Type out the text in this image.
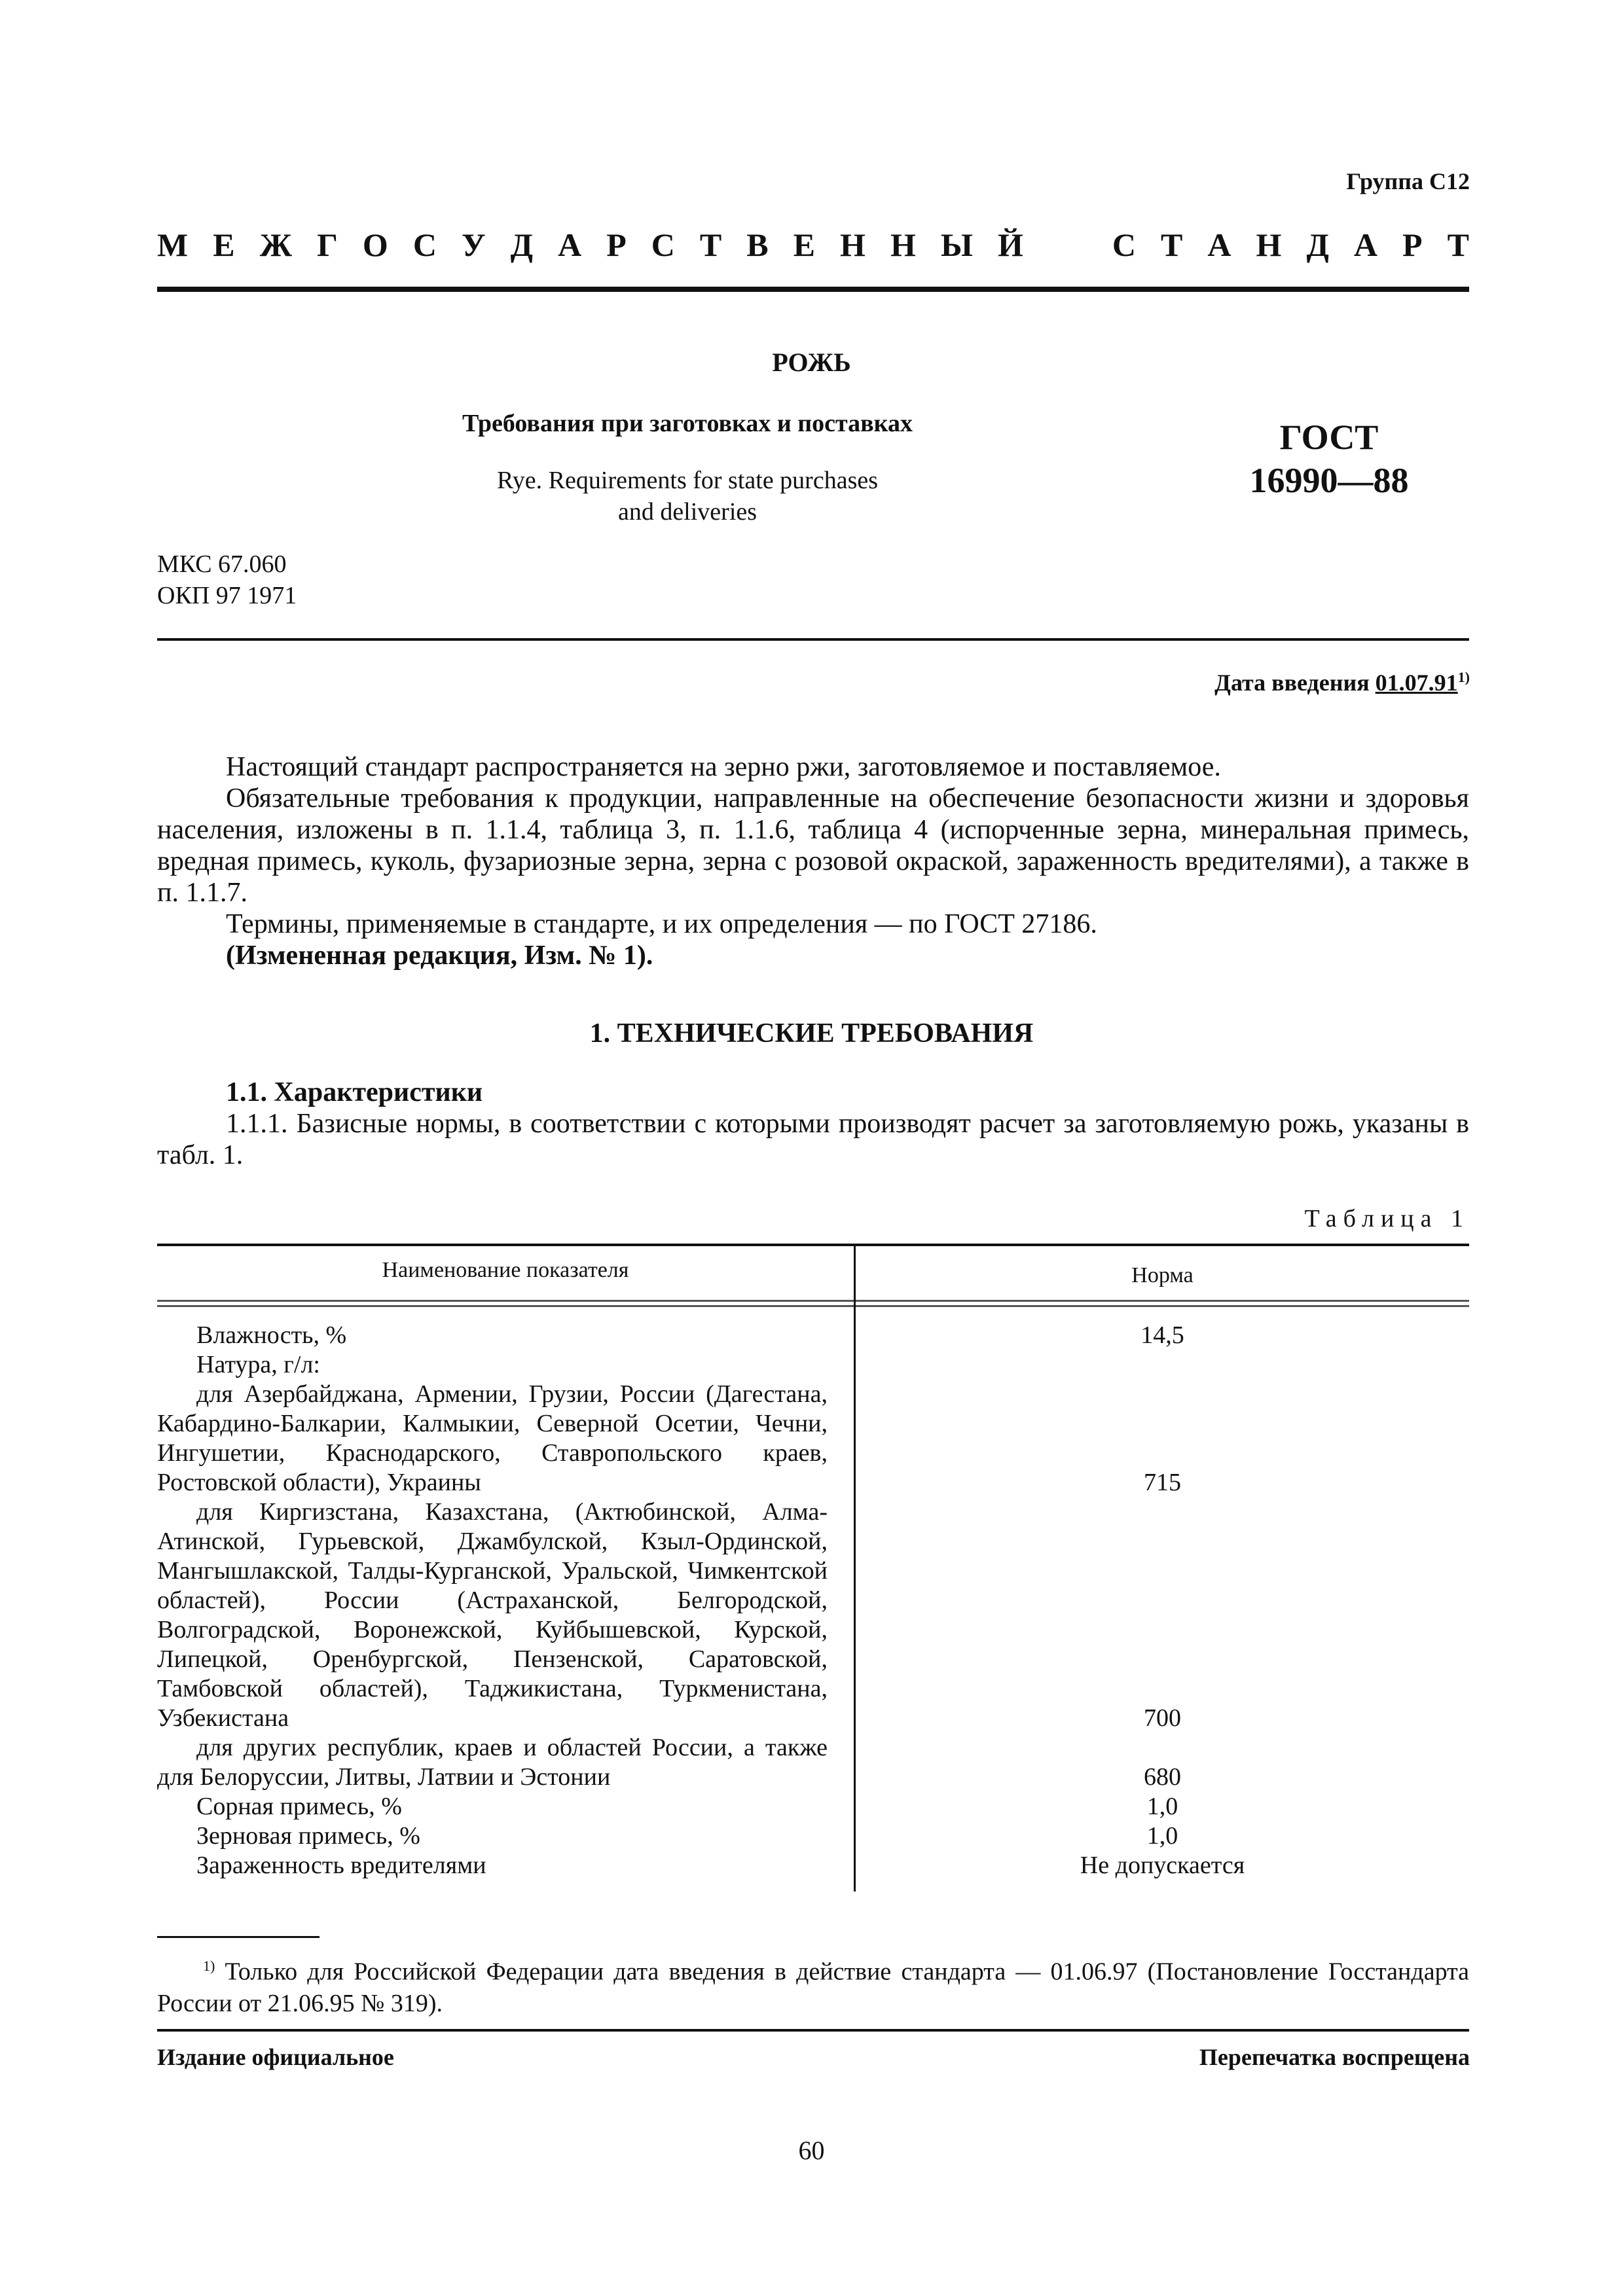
Группа С12
М Е Ж Г О С У Д А Р С Т В Е Н Н Ы Й	С Т А Н Д А Р Т
РОЖЬ
Требования при заготовках и поставках
Rye. Requirements for state purchases
and deliveries
ГОСТ
16990—88
МКС 67.060
ОКП 97 1971
Дата введения 01.07.91$^{1)}$

Настоящий стандарт распространяется на зерно ржи, заготовляемое и поставляемое.

Обязательные требования к продукции, направленные на обеспечение безопасности жизни и здоровья населения, изложены в п. 1.1.4, таблица 3, п. 1.1.6, таблица 4 (испорченные зерна, минеральная примесь, вредная примесь, куколь, фузариозные зерна, зерна с розовой окраской, зараженность вредителями), а также в п. 1.1.7.

Термины, применяемые в стандарте, и их определения — по ГОСТ 27186.

(Измененная редакция, Изм. № 1).

1. ТЕХНИЧЕСКИЕ ТРЕБОВАНИЯ

1.1. Характеристики

1.1.1. Базисные нормы, в соответствии с которыми производят расчет за заготовляемую рожь, указаны в табл. 1.

Таблица 1
Наименование показателя	Норма
Влажность, %	14,5
Натура, г/л:
для Азербайджана, Армении, Грузии, России (Дагестана, Кабардино-Балкарии, Калмыкии, Северной Осетии, Чечни, Ингушетии, Краснодарского, Ставропольского краев, Ростовской области), Украины	715
для Киргизстана, Казахстана, (Актюбинской, Алма-Атинской, Гурьевской, Джамбулской, Кзыл-Ординской, Мангышлакской, Талды-Курганской, Уральской, Чимкентской областей), России (Астраханской, Белгородской, Волгоградской, Воронежской, Куйбышевской, Курской, Липецкой, Оренбургской, Пензенской, Саратовской, Тамбовской областей), Таджикистана, Туркменистана, Узбекистана	700
для других республик, краев и областей России, а также для Белоруссии, Литвы, Латвии и Эстонии	680
Сорная примесь, %	1,0
Зерновая примесь, %	1,0
Зараженность вредителями	Не допускается
$^{1)}$ Только для Российской Федерации дата введения в действие стандарта — 01.06.97 (Постановление Госстандарта России от 21.06.95 № 319).
Издание официальное	Перепечатка воспрещена
60
